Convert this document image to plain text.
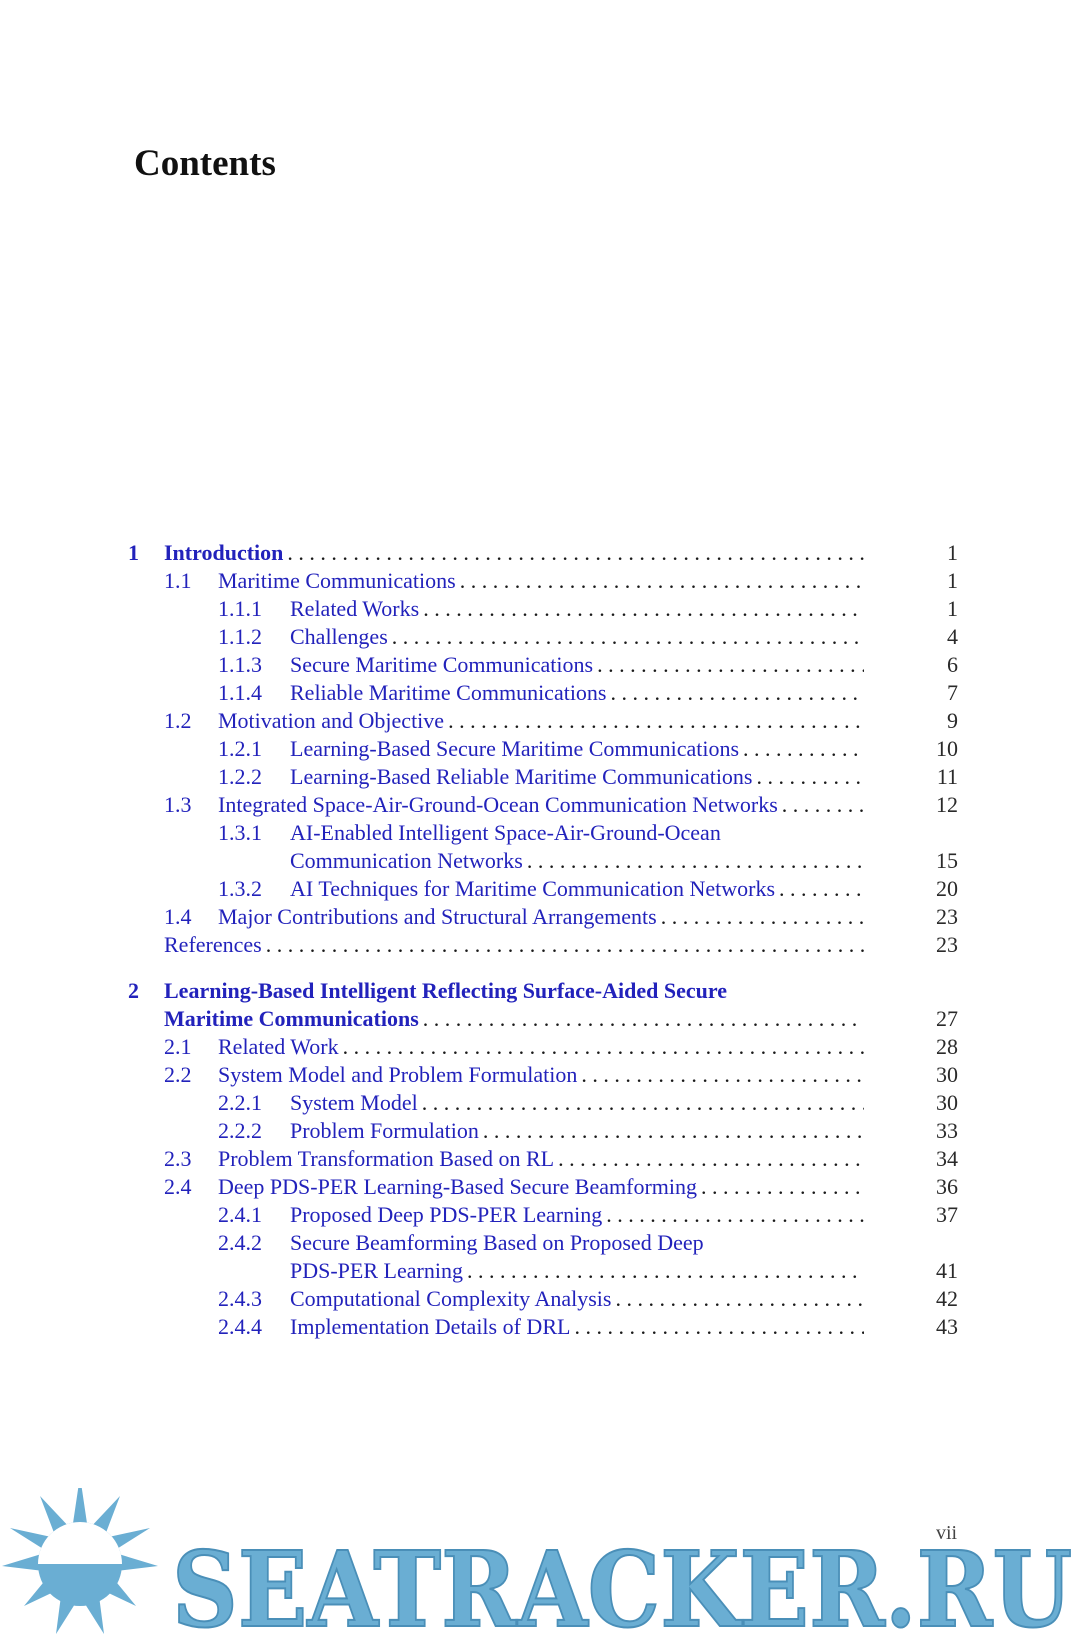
Contents
1 Introduction . . .	1
1.1 Maritime Communications . . .	1
1.1.1 Related Works . . .	1
1.1.2 Challenges . . .	4
1.1.3 Secure Maritime Communications . . .	6
1.1.4 Reliable Maritime Communications . . .	7
1.2 Motivation and Objective . . .	9
1.2.1 Learning-Based Secure Maritime Communications . . .	10
1.2.2 Learning-Based Reliable Maritime Communications . . .	11
1.3 Integrated Space-Air-Ground-Ocean Communication Networks . . .	12
1.3.1 AI-Enabled Intelligent Space-Air-Ground-Ocean
Communication Networks . . .	15
1.3.2 AI Techniques for Maritime Communication Networks . . .	20
1.4 Major Contributions and Structural Arrangements . . .	23
References . . .	23
2 Learning-Based Intelligent Reflecting Surface-Aided Secure
Maritime Communications . . .	27
2.1 Related Work . . .	28
2.2 System Model and Problem Formulation . . .	30
2.2.1 System Model . . .	30
2.2.2 Problem Formulation . . .	33
2.3 Problem Transformation Based on RL . . .	34
2.4 Deep PDS-PER Learning-Based Secure Beamforming . . .	36
2.4.1 Proposed Deep PDS-PER Learning . . .	37
2.4.2 Secure Beamforming Based on Proposed Deep
PDS-PER Learning . . .	41
2.4.3 Computational Complexity Analysis . . .	42
2.4.4 Implementation Details of DRL . . .	43
SEATRACKER.RU
vii
